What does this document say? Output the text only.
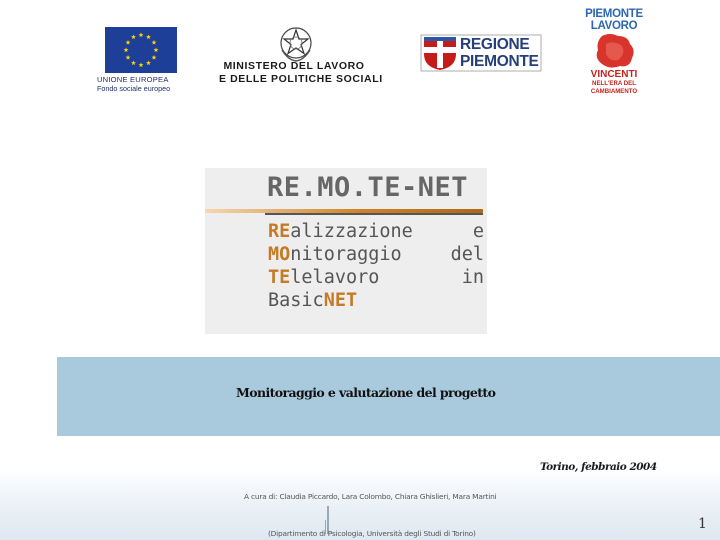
UNIONE EUROPEA
Fondo sociale europeo
MINISTERO DEL LAVORO
E DELLE POLITICHE SOCIALI
REGIONE
PIEMONTE
PIEMONTE
LAVORO
VINCENTI
NELL'ERA DEL
CAMBIAMENTO
RE.MO.TE-NET
REalizzazione	e
MOnitoraggio	del
TElelavoro	in
BasicNET
Monitoraggio e valutazione del progetto
Torino, febbraio 2004
A cura di: Claudia Piccardo, Lara Colombo, Chiara Ghislieri, Mara Martini
(Dipartimento di Psicologia, Università degli Studi di Torino)
1
